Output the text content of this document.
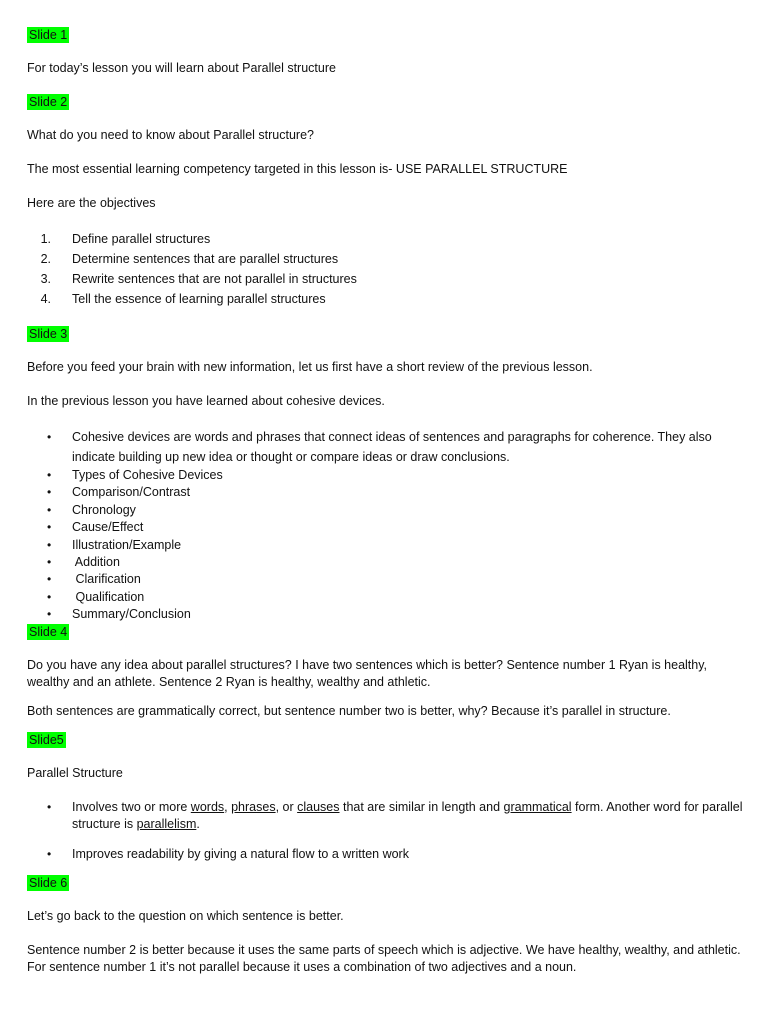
Slide 1

For today’s lesson you will learn about Parallel structure

Slide 2

What do you need to know about Parallel structure?

The most essential learning competency targeted in this lesson is- USE PARALLEL STRUCTURE

Here are the objectives

1. Define parallel structures
2. Determine sentences that are parallel structures
3. Rewrite sentences that are not parallel in structures
4. Tell the essence of learning parallel structures
Slide 3

Before you feed your brain with new information, let us first have a short review of the previous lesson.

In the previous lesson you have learned about cohesive devices.

• Cohesive devices are words and phrases that connect ideas of sentences and paragraphs for coherence. They also indicate building up new idea or thought or compare ideas or draw conclusions.
• Types of Cohesive Devices
• Comparison/Contrast
• Chronology
• Cause/Effect
• Illustration/Example
• Addition
• Clarification
• Qualification
• Summary/Conclusion
Slide 4

Do you have any idea about parallel structures? I have two sentences which is better? Sentence number 1 Ryan is healthy, wealthy and an athlete. Sentence 2 Ryan is healthy, wealthy and athletic.

Both sentences are grammatically correct, but sentence number two is better, why? Because it’s parallel in structure.

Slide5

Parallel Structure

• Involves two or more words, phrases, or clauses that are similar in length and grammatical form. Another word for parallel structure is parallelism.
• Improves readability by giving a natural flow to a written work
Slide 6

Let’s go back to the question on which sentence is better.

Sentence number 2 is better because it uses the same parts of speech which is adjective. We have healthy, wealthy, and athletic. For sentence number 1 it’s not parallel because it uses a combination of two adjectives and a noun.
